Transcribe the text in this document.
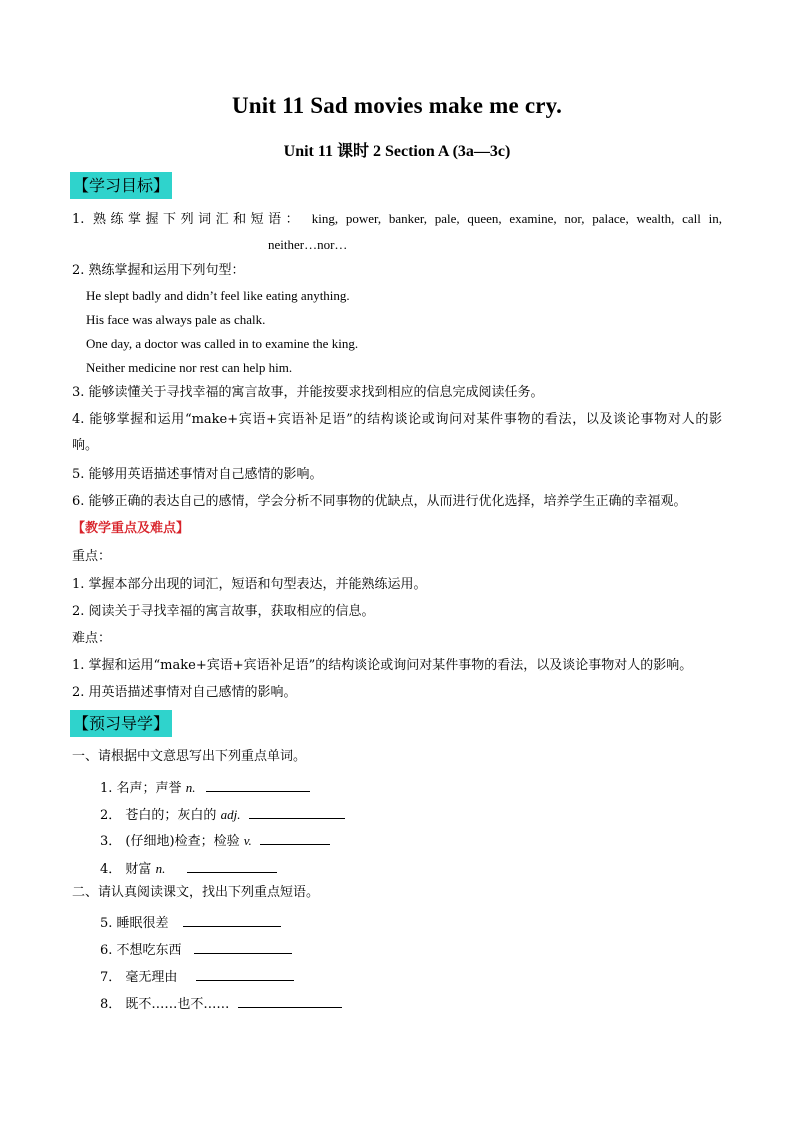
Unit 11 Sad movies make me cry.
Unit 11 课时 2 Section A (3a—3c)
【学习目标】
1. 熟练掌握下列词汇和短语： king, power, banker, pale, queen, examine, nor, palace, wealth, call in,
neither…nor…
2. 熟练掌握和运用下列句型：
He slept badly and didn’t feel like eating anything.
His face was always pale as chalk.
One day, a doctor was called in to examine the king.
Neither medicine nor rest can help him.
3. 能够读懂关于寻找幸福的寓言故事，并能按要求找到相应的信息完成阅读任务。
4. 能够掌握和运用“make+宾语+宾语补足语”的结构谈论或询问对某件事物的看法，以及谈论事物对人的影
响。
5. 能够用英语描述事情对自己感情的影响。
6. 能够正确的表达自己的感情，学会分析不同事物的优缺点，从而进行优化选择，培养学生正确的幸福观。
【教学重点及难点】
重点：
1. 掌握本部分出现的词汇，短语和句型表达，并能熟练运用。
2. 阅读关于寻找幸福的寓言故事，获取相应的信息。
难点：
1. 掌握和运用“make+宾语+宾语补足语”的结构谈论或询问对某件事物的看法，以及谈论事物对人的影响。
2. 用英语描述事情对自己感情的影响。
【预习导学】
一、请根据中文意思写出下列重点单词。
1. 名声；声誉 n.
2． 苍白的；灰白的 adj.
3． (仔细地)检查；检验 v.
4． 财富 n.
二、请认真阅读课文，找出下列重点短语。
5. 睡眠很差
6. 不想吃东西
7． 毫无理由
8． 既不……也不……
